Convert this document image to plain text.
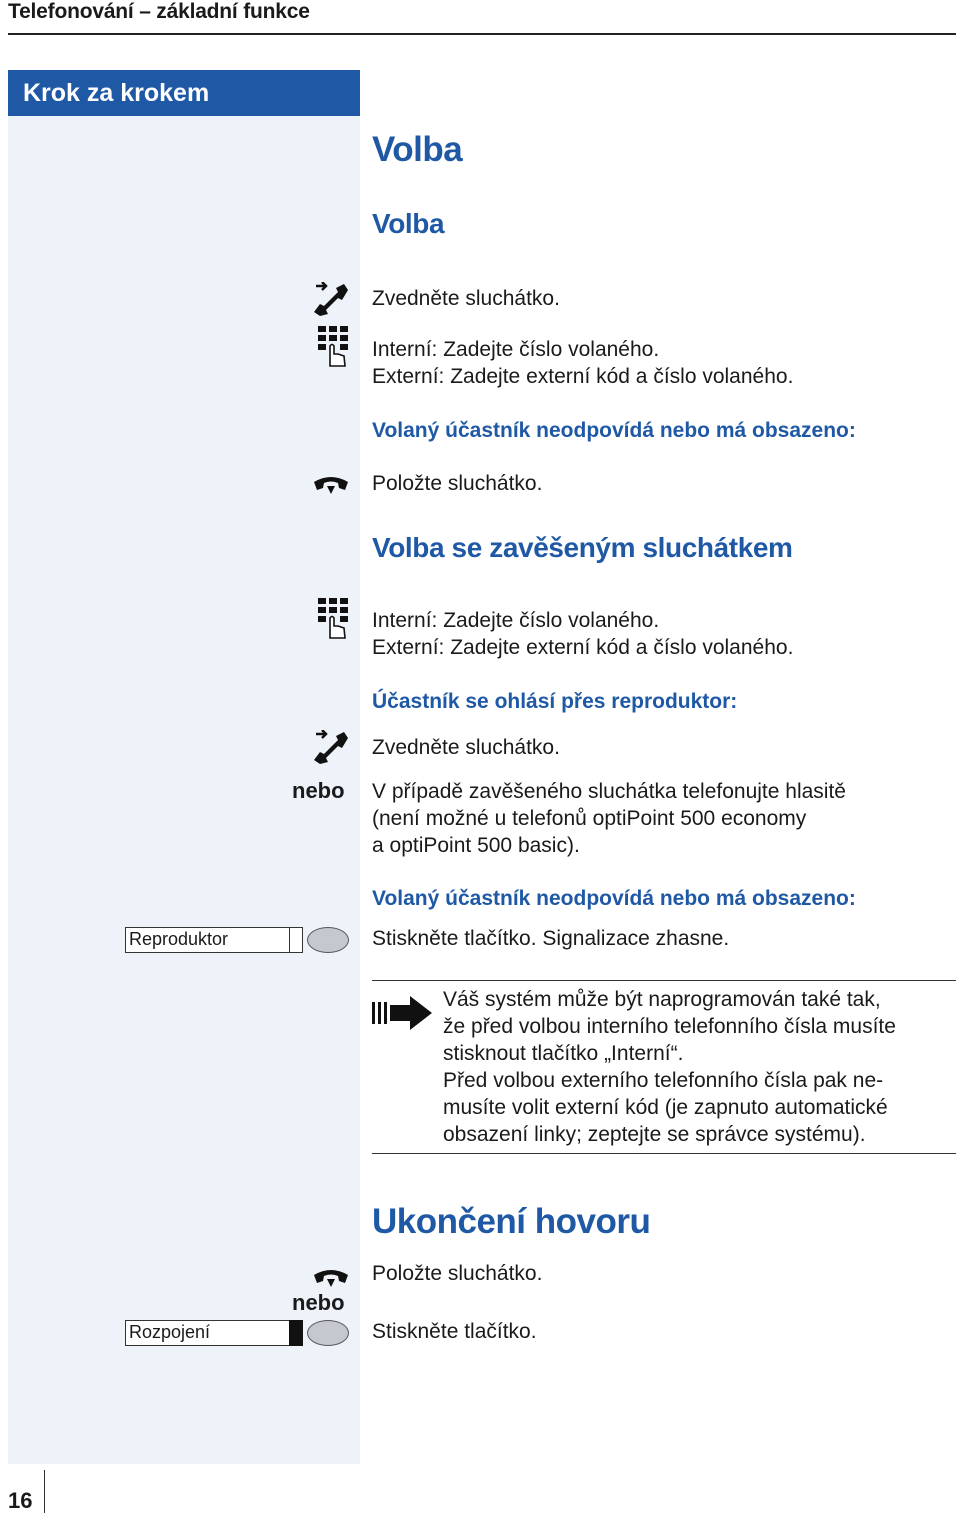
Telefonování – základní funkce
Krok za krokem
Volba
Volba
Zvedněte sluchátko.
Interní: Zadejte číslo volaného.
Externí: Zadejte externí kód a číslo volaného.
Volaný účastník neodpovídá nebo má obsazeno:
Položte sluchátko.
Volba se zavěšeným sluchátkem
Interní: Zadejte číslo volaného.
Externí: Zadejte externí kód a číslo volaného.
Účastník se ohlásí přes reproduktor:
Zvedněte sluchátko.
nebo V případě zavěšeného sluchátka telefonujte hlasitě
(není možné u telefonů optiPoint 500 economy
a optiPoint 500 basic).
Volaný účastník neodpovídá nebo má obsazeno:
Reproduktor	Stiskněte tlačítko. Signalizace zhasne.
Váš systém může být naprogramován také tak,
že před volbou interního telefonního čísla musíte
stisknout tlačítko „Interní“.
Před volbou externího telefonního čísla pak ne-
musíte volit externí kód (je zapnuto automatické
obsazení linky; zeptejte se správce systému).
Ukončení hovoru
Položte sluchátko.
nebo
Rozpojení	Stiskněte tlačítko.
16
